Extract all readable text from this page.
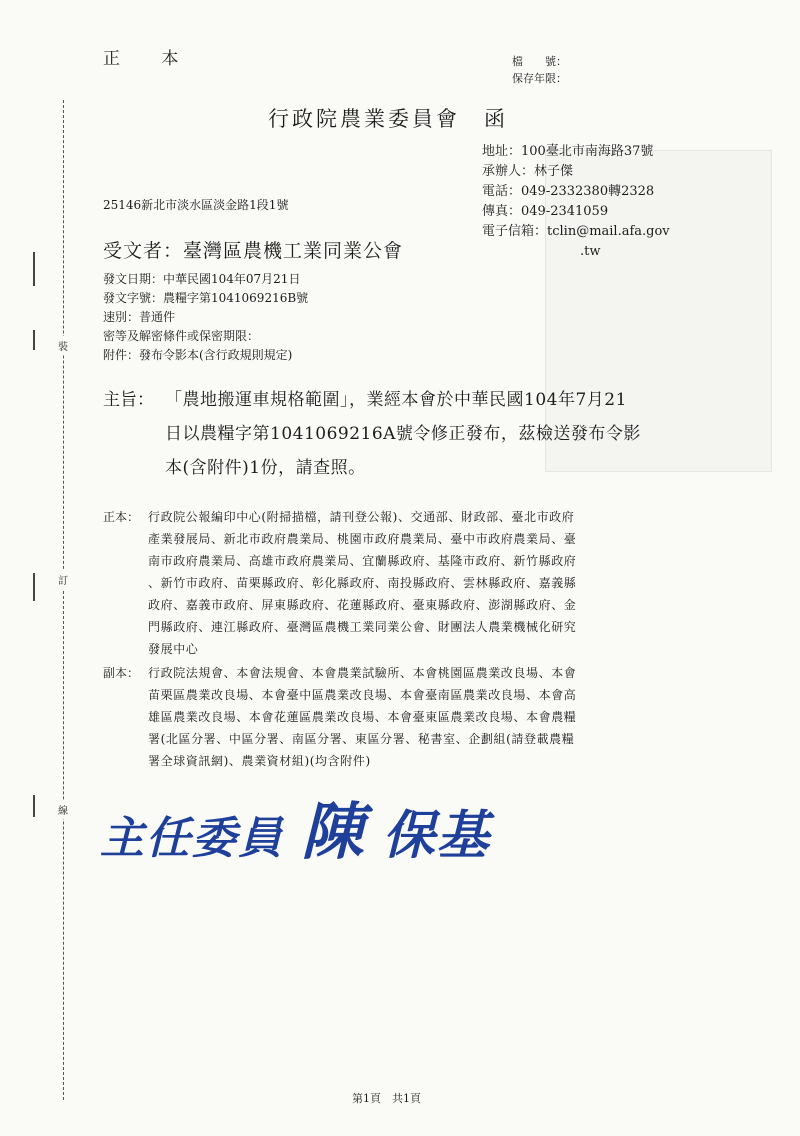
裝
訂
線
正 本	檔　　號：
保存年限：
行政院農業委員會　函
地址：100臺北市南海路37號
承辦人：林子傑
電話：049-2332380轉2328
傳真：049-2341059
電子信箱：tclin@mail.afa.gov
.tw
25146新北市淡水區淡金路1段1號
受文者：臺灣區農機工業同業公會
發文日期：中華民國104年07月21日
發文字號：農糧字第1041069216B號
速別：普通件
密等及解密條件或保密期限：
附件：發布令影本(含行政規則規定)
主旨： 「農地搬運車規格範圍」，業經本會於中華民國104年7月21
日以農糧字第1041069216A號令修正發布，茲檢送發布令影
本(含附件)1份，請查照。
正本： 行政院公報編印中心(附掃描檔，請刊登公報)、交通部、財政部、臺北市政府
產業發展局、新北市政府農業局、桃園市政府農業局、臺中市政府農業局、臺
南市政府農業局、高雄市政府農業局、宜蘭縣政府、基隆市政府、新竹縣政府
、新竹市政府、苗栗縣政府、彰化縣政府、南投縣政府、雲林縣政府、嘉義縣
政府、嘉義市政府、屏東縣政府、花蓮縣政府、臺東縣政府、澎湖縣政府、金
門縣政府、連江縣政府、臺灣區農機工業同業公會、財團法人農業機械化研究
發展中心
副本： 行政院法規會、本會法規會、本會農業試驗所、本會桃園區農業改良場、本會
苗栗區農業改良場、本會臺中區農業改良場、本會臺南區農業改良場、本會高
雄區農業改良場、本會花蓮區農業改良場、本會臺東區農業改良場、本會農糧
署(北區分署、中區分署、南區分署、東區分署、秘書室、企劃組(請登載農糧
署全球資訊網)、農業資材組)(均含附件)
主任委員 陳 保基
第1頁　共1頁
